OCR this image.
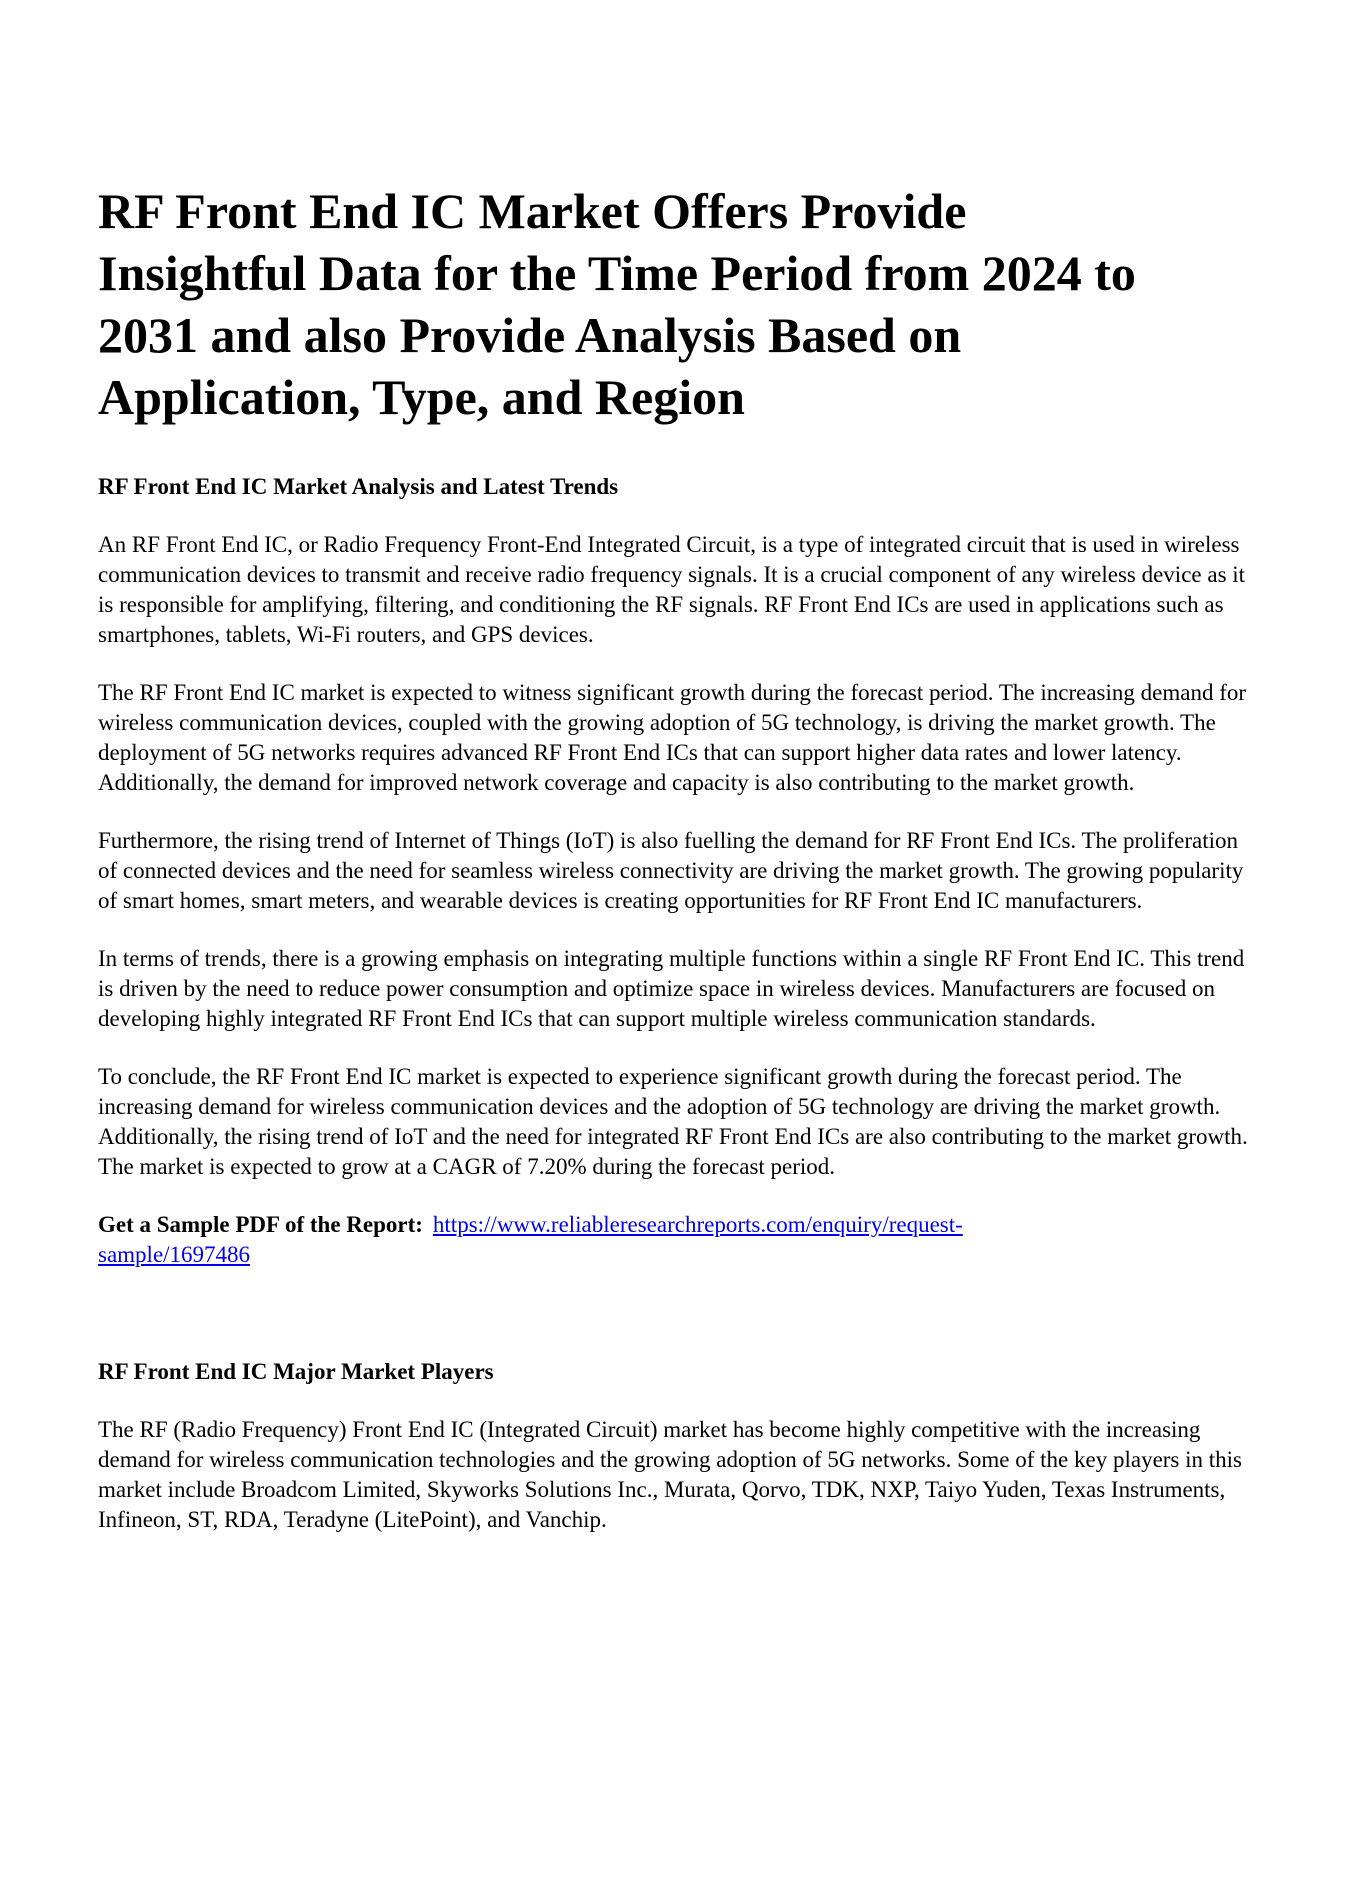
RF Front End IC Market Offers Provide
Insightful Data for the Time Period from 2024 to
2031 and also Provide Analysis Based on
Application, Type, and Region
RF Front End IC Market Analysis and Latest Trends

An RF Front End IC, or Radio Frequency Front-End Integrated Circuit, is a type of integrated circuit that is used in wireless communication devices to transmit and receive radio frequency signals. It is a crucial component of any wireless device as it is responsible for amplifying, filtering, and conditioning the RF signals. RF Front End ICs are used in applications such as smartphones, tablets, Wi-Fi routers, and GPS devices.

The RF Front End IC market is expected to witness significant growth during the forecast period. The increasing demand for wireless communication devices, coupled with the growing adoption of 5G technology, is driving the market growth. The deployment of 5G networks requires advanced RF Front End ICs that can support higher data rates and lower latency. Additionally, the demand for improved network coverage and capacity is also contributing to the market growth.

Furthermore, the rising trend of Internet of Things (IoT) is also fuelling the demand for RF Front End ICs. The proliferation of connected devices and the need for seamless wireless connectivity are driving the market growth. The growing popularity of smart homes, smart meters, and wearable devices is creating opportunities for RF Front End IC manufacturers.

In terms of trends, there is a growing emphasis on integrating multiple functions within a single RF Front End IC. This trend is driven by the need to reduce power consumption and optimize space in wireless devices. Manufacturers are focused on developing highly integrated RF Front End ICs that can support multiple wireless communication standards.

To conclude, the RF Front End IC market is expected to experience significant growth during the forecast period. The increasing demand for wireless communication devices and the adoption of 5G technology are driving the market growth. Additionally, the rising trend of IoT and the need for integrated RF Front End ICs are also contributing to the market growth. The market is expected to grow at a CAGR of 7.20% during the forecast period.

Get a Sample PDF of the Report: https://www.reliableresearchreports.com/enquiry/request-
sample/1697486

RF Front End IC Major Market Players

The RF (Radio Frequency) Front End IC (Integrated Circuit) market has become highly competitive with the increasing demand for wireless communication technologies and the growing adoption of 5G networks. Some of the key players in this market include Broadcom Limited, Skyworks Solutions Inc., Murata, Qorvo, TDK, NXP, Taiyo Yuden, Texas Instruments, Infineon, ST, RDA, Teradyne (LitePoint), and Vanchip.
